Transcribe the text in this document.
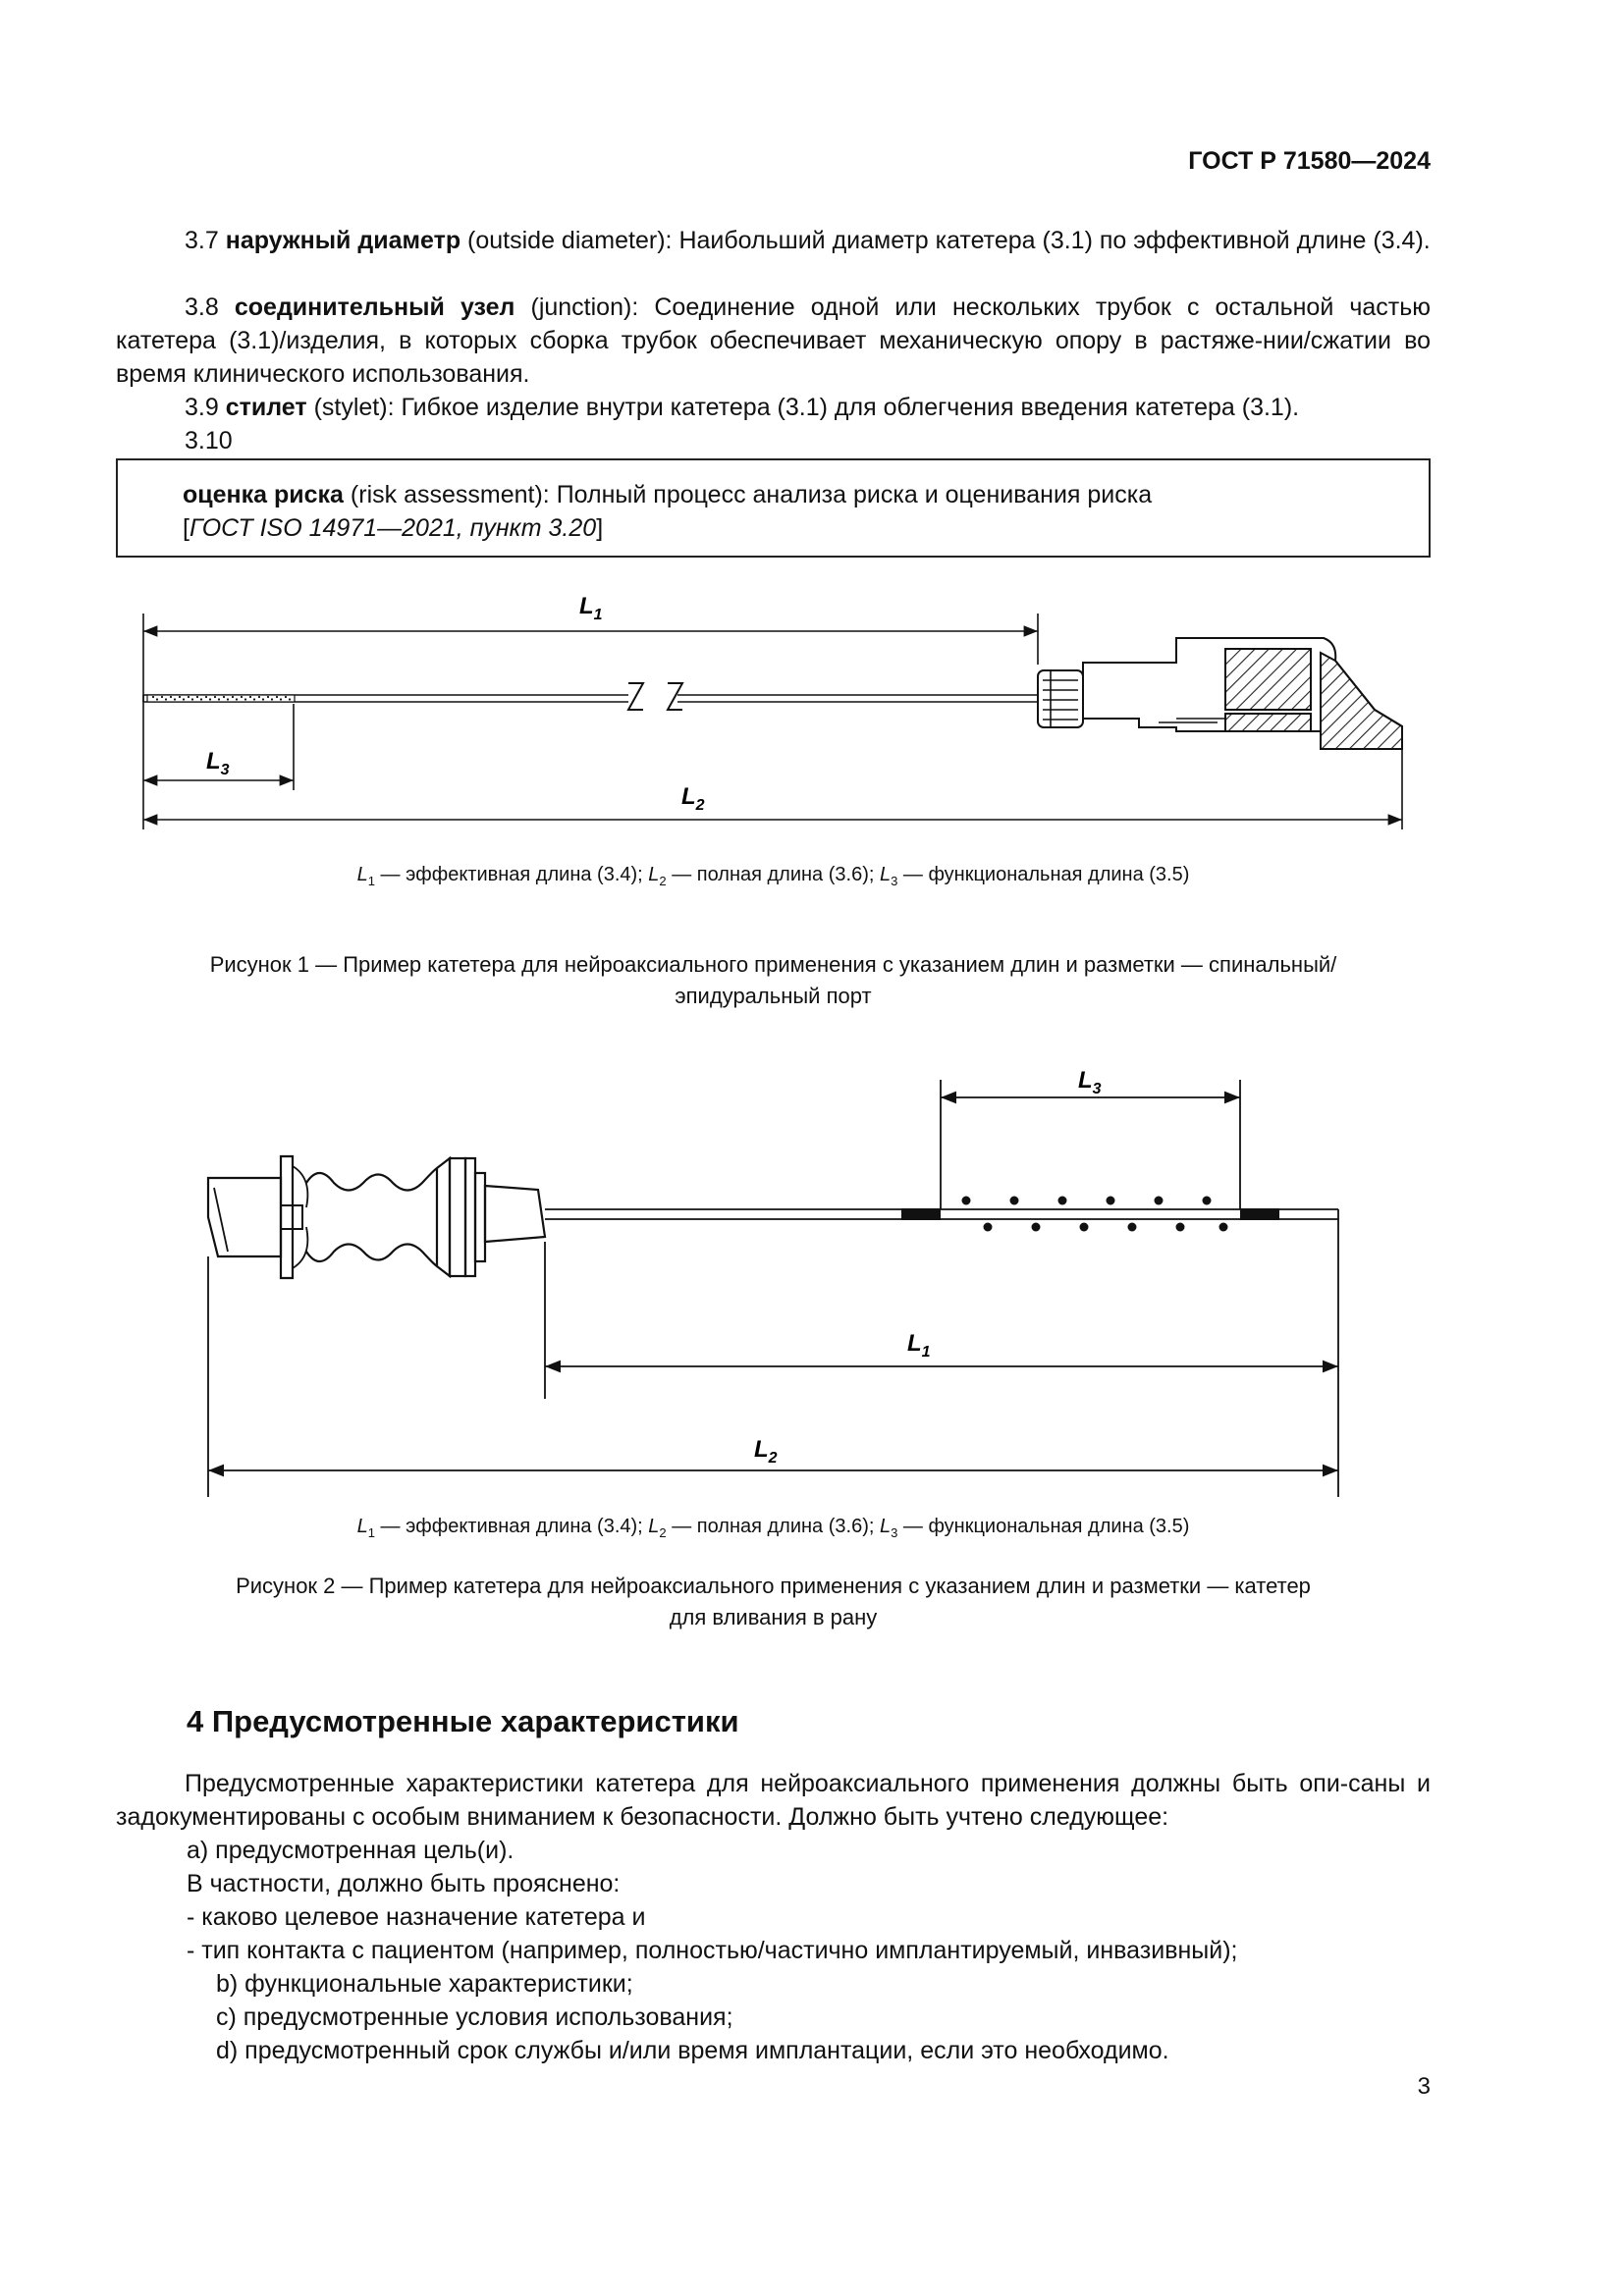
ГОСТ Р 71580—2024
3.7 наружный диаметр (outside diameter): Наибольший диаметр катетера (3.1) по эффективной длине (3.4).
3.8 соединительный узел (junction): Соединение одной или нескольких трубок с остальной частью катетера (3.1)/изделия, в которых сборка трубок обеспечивает механическую опору в растяже-нии/сжатии во время клинического использования.
3.9 стилет (stylet): Гибкое изделие внутри катетера (3.1) для облегчения введения катетера (3.1).
3.10
оценка риска (risk assessment): Полный процесс анализа риска и оценивания риска
[ГОСТ ISO 14971—2021, пункт 3.20]
$L_1$
$L_3$
$L_2$
$L_1$ — эффективная длина (3.4); $L_2$ — полная длина (3.6); $L_3$ — функциональная длина (3.5)
Рисунок 1 — Пример катетера для нейроаксиального применения с указанием длин и разметки — спинальный/
эпидуральный порт
$L_3$
$L_1$
$L_2$
$L_1$ — эффективная длина (3.4); $L_2$ — полная длина (3.6); $L_3$ — функциональная длина (3.5)
Рисунок 2 — Пример катетера для нейроаксиального применения с указанием длин и разметки — катетер
для вливания в рану
4 Предусмотренные характеристики
Предусмотренные характеристики катетера для нейроаксиального применения должны быть опи-саны и задокументированы с особым вниманием к безопасности. Должно быть учтено следующее:
a) предусмотренная цель(и).
В частности, должно быть прояснено:
- каково целевое назначение катетера и
- тип контакта с пациентом (например, полностью/частично имплантируемый, инвазивный);
b) функциональные характеристики;
c) предусмотренные условия использования;
d) предусмотренный срок службы и/или время имплантации, если это необходимо.
3
